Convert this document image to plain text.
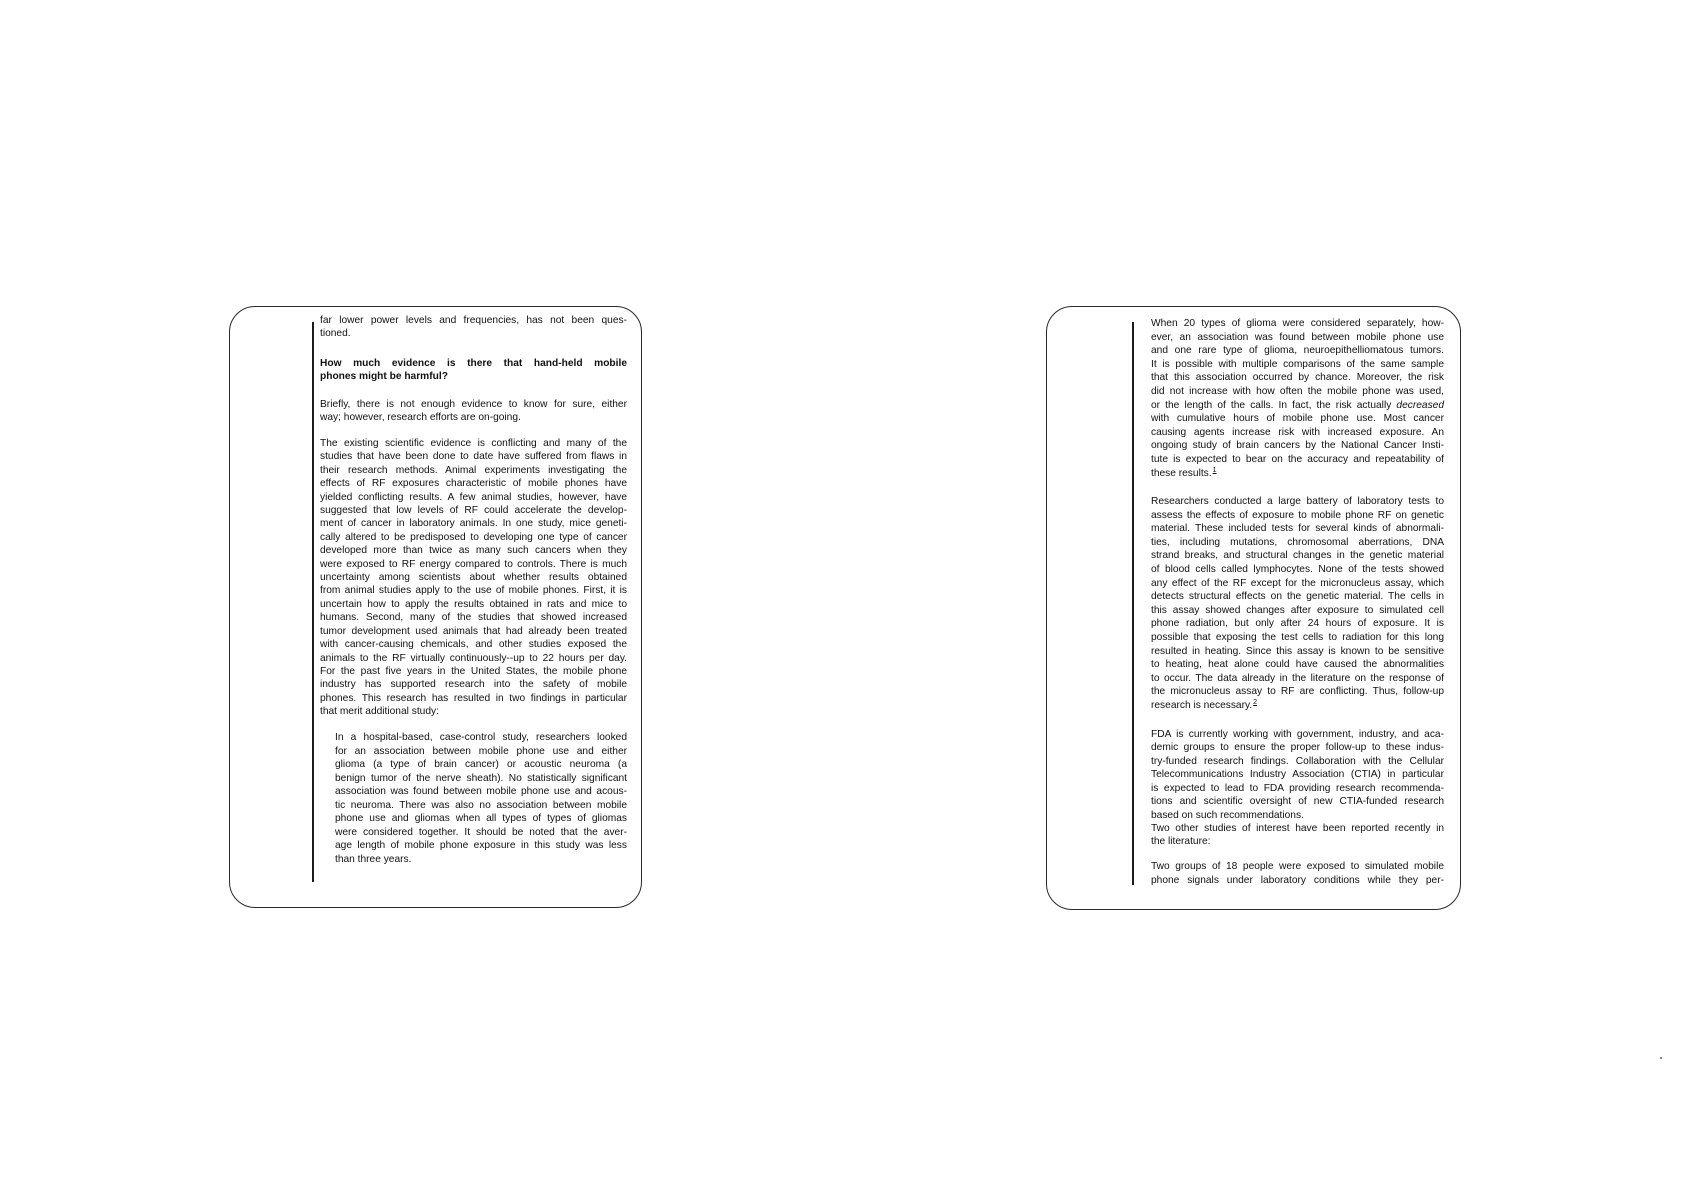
far lower power levels and frequencies, has not been ques-
tioned.
How much evidence is there that hand-held mobile
phones might be harmful?
Briefly, there is not enough evidence to know for sure, either
way; however, research efforts are on-going.
The existing scientific evidence is conflicting and many of the
studies that have been done to date have suffered from flaws in
their research methods. Animal experiments investigating the
effects of RF exposures characteristic of mobile phones have
yielded conflicting results. A few animal studies, however, have
suggested that low levels of RF could accelerate the develop-
ment of cancer in laboratory animals. In one study, mice geneti-
cally altered to be predisposed to developing one type of cancer
developed more than twice as many such cancers when they
were exposed to RF energy compared to controls. There is much
uncertainty among scientists about whether results obtained
from animal studies apply to the use of mobile phones. First, it is
uncertain how to apply the results obtained in rats and mice to
humans. Second, many of the studies that showed increased
tumor development used animals that had already been treated
with cancer-causing chemicals, and other studies exposed the
animals to the RF virtually continuously--up to 22 hours per day.
For the past five years in the United States, the mobile phone
industry has supported research into the safety of mobile
phones. This research has resulted in two findings in particular
that merit additional study:
In a hospital-based, case-control study, researchers looked
for an association between mobile phone use and either
glioma (a type of brain cancer) or acoustic neuroma (a
benign tumor of the nerve sheath). No statistically significant
association was found between mobile phone use and acous-
tic neuroma. There was also no association between mobile
phone use and gliomas when all types of types of gliomas
were considered together. It should be noted that the aver-
age length of mobile phone exposure in this study was less
than three years.
When 20 types of glioma were considered separately, how-
ever, an association was found between mobile phone use
and one rare type of glioma, neuroepithelliomatous tumors.
It is possible with multiple comparisons of the same sample
that this association occurred by chance. Moreover, the risk
did not increase with how often the mobile phone was used,
or the length of the calls. In fact, the risk actually decreased
with cumulative hours of mobile phone use. Most cancer
causing agents increase risk with increased exposure. An
ongoing study of brain cancers by the National Cancer Insti-
tute is expected to bear on the accuracy and repeatability of
these results.$^1$
Researchers conducted a large battery of laboratory tests to
assess the effects of exposure to mobile phone RF on genetic
material. These included tests for several kinds of abnormali-
ties, including mutations, chromosomal aberrations, DNA
strand breaks, and structural changes in the genetic material
of blood cells called lymphocytes. None of the tests showed
any effect of the RF except for the micronucleus assay, which
detects structural effects on the genetic material. The cells in
this assay showed changes after exposure to simulated cell
phone radiation, but only after 24 hours of exposure. It is
possible that exposing the test cells to radiation for this long
resulted in heating. Since this assay is known to be sensitive
to heating, heat alone could have caused the abnormalities
to occur. The data already in the literature on the response of
the micronucleus assay to RF are conflicting. Thus, follow-up
research is necessary.$^2$
FDA is currently working with government, industry, and aca-
demic groups to ensure the proper follow-up to these indus-
try-funded research findings. Collaboration with the Cellular
Telecommunications Industry Association (CTIA) in particular
is expected to lead to FDA providing research recommenda-
tions and scientific oversight of new CTIA-funded research
based on such recommendations.
Two other studies of interest have been reported recently in
the literature:
Two groups of 18 people were exposed to simulated mobile
phone signals under laboratory conditions while they per-
